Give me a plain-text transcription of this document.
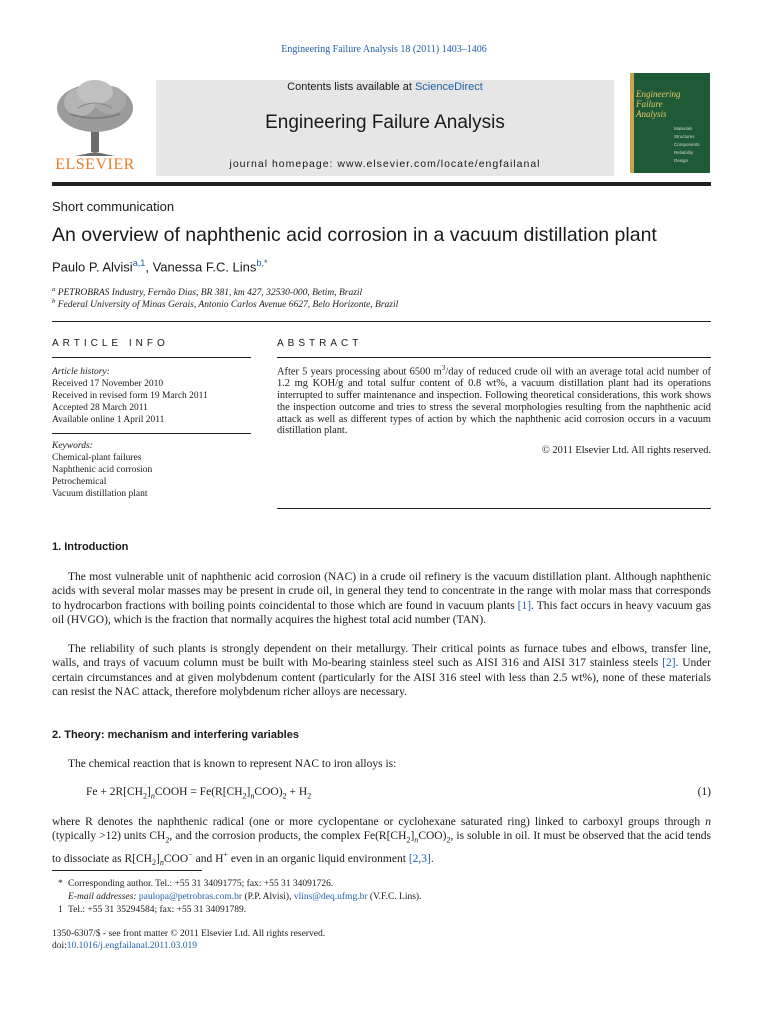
Engineering Failure Analysis 18 (2011) 1403–1406
ELSEVIER
Contents lists available at ScienceDirect
Engineering Failure Analysis
journal homepage: www.elsevier.com/locate/engfailanal
Engineering
Failure
Analysis
Materials
Structures
Components
Reliability
Design
Short communication
An overview of naphthenic acid corrosion in a vacuum distillation plant
Paulo P. Alvisi$^{a,1}$, Vanessa F.C. Lins$^{b,*}$
$^a$ PETROBRAS Industry, Fernão Dias, BR 381, km 427, 32530-000, Betim, Brazil
$^b$ Federal University of Minas Gerais, Antonio Carlos Avenue 6627, Belo Horizonte, Brazil
ARTICLE INFO
Article history:
Received 17 November 2010
Received in revised form 19 March 2011
Accepted 28 March 2011
Available online 1 April 2011
Keywords:
Chemical-plant failures
Naphthenic acid corrosion
Petrochemical
Vacuum distillation plant
ABSTRACT
After 5 years processing about 6500 $m^3$/day of reduced crude oil with an average total acid number of 1.2 mg KOH/g and total sulfur content of 0.8 wt%, a vacuum distillation plant had its operations interrupted to suffer maintenance and inspection. Following theoretical considerations, this work shows the inspection outcome and tries to stress the several morphologies resulting from the naphthenic acid attack as well as different types of action by which the naphthenic acid corrosion occurs in a vacuum distillation plant.
© 2011 Elsevier Ltd. All rights reserved.
1. Introduction
The most vulnerable unit of naphthenic acid corrosion (NAC) in a crude oil refinery is the vacuum distillation plant. Although naphthenic acids with several molar masses may be present in crude oil, in general they tend to concentrate in the range with molar mass that corresponds to hydrocarbon fractions with boiling points coincidental to those which are found in vacuum plants [1]. This fact occurs in heavy vacuum gas oil (HVGO), which is the fraction that normally acquires the highest total acid number (TAN).
The reliability of such plants is strongly dependent on their metallurgy. Their critical points as furnace tubes and elbows, transfer line, walls, and trays of vacuum column must be built with Mo-bearing stainless steel such as AISI 316 and AISI 317 stainless steels [2]. Under certain circumstances and at given molybdenum content (particularly for the AISI 316 steel with less than 2.5 wt%), none of these materials can resist the NAC attack, therefore molybdenum richer alloys are necessary.
2. Theory: mechanism and interfering variables
The chemical reaction that is known to represent NAC to iron alloys is:
$Fe + 2R[CH_2]_nCOOH = Fe(R[CH_2]_nCOO)_2 + H_2$	(1)
where R denotes the naphthenic radical (one or more cyclopentane or cyclohexane saturated ring) linked to carboxyl groups through n (typically >12) units $CH_2$, and the corrosion products, the complex $Fe(R[CH_2]_nCOO)_2$, is soluble in oil. It must be observed that the acid tends to dissociate as $R[CH_2]_nCOO^-$ and H+ even in an organic liquid environment [2,3].
* Corresponding author. Tel.: +55 31 34091775; fax: +55 31 34091726.
E-mail addresses: paulopa@petrobras.com.br (P.P. Alvisi), vlins@deq.ufmg.br (V.F.C. Lins).
1 Tel.: +55 31 35294584; fax: +55 31 34091789.
1350-6307/$ - see front matter © 2011 Elsevier Ltd. All rights reserved.
doi:10.1016/j.engfailanal.2011.03.019
